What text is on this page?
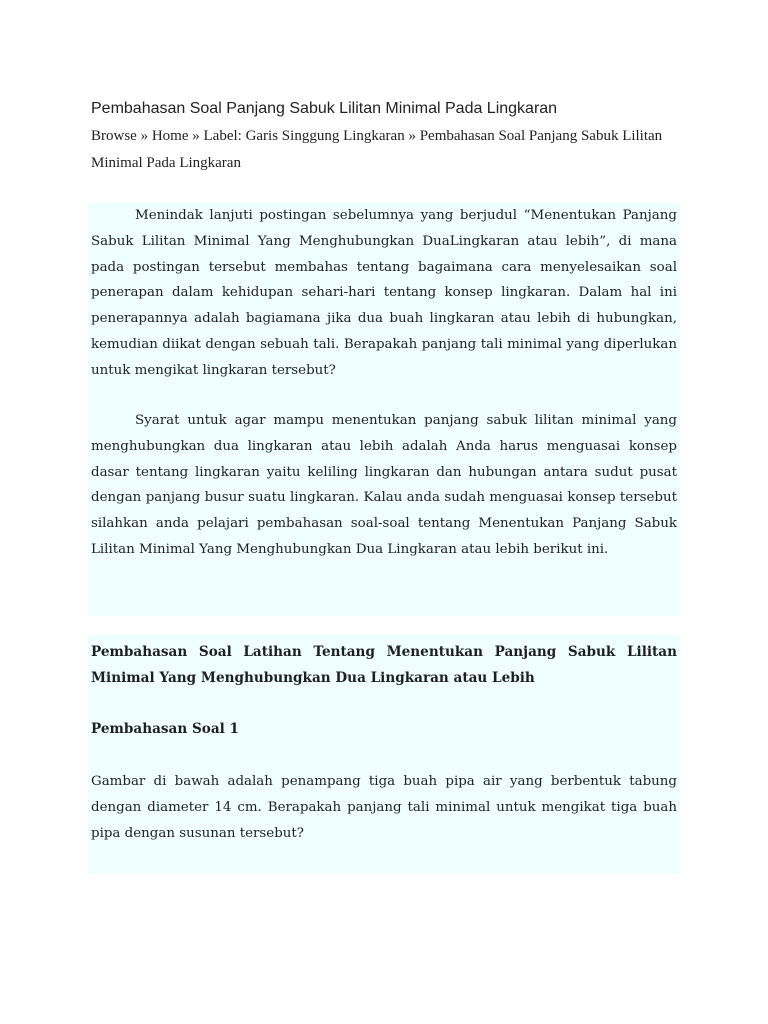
Pembahasan Soal Panjang Sabuk Lilitan Minimal Pada Lingkaran
Browse » Home » Label: Garis Singgung Lingkaran » Pembahasan Soal Panjang Sabuk Lilitan Minimal Pada Lingkaran

Menindak lanjuti postingan sebelumnya yang berjudul “Menentukan Panjang Sabuk Lilitan Minimal Yang Menghubungkan DuaLingkaran atau lebih”, di mana pada postingan tersebut membahas tentang bagaimana cara menyelesaikan soal penerapan dalam kehidupan sehari-hari tentang konsep lingkaran. Dalam hal ini penerapannya adalah bagiamana jika dua buah lingkaran atau lebih di hubungkan, kemudian diikat dengan sebuah tali. Berapakah panjang tali minimal yang diperlukan untuk mengikat lingkaran tersebut?

Syarat untuk agar mampu menentukan panjang sabuk lilitan minimal yang menghubungkan dua lingkaran atau lebih adalah Anda harus menguasai konsep dasar tentang lingkaran yaitu keliling lingkaran dan hubungan antara sudut pusat dengan panjang busur suatu lingkaran. Kalau anda sudah menguasai konsep tersebut silahkan anda pelajari pembahasan soal-soal tentang Menentukan Panjang Sabuk Lilitan Minimal Yang Menghubungkan Dua Lingkaran atau lebih berikut ini.

Pembahasan Soal Latihan Tentang Menentukan Panjang Sabuk Lilitan Minimal Yang Menghubungkan Dua Lingkaran atau Lebih

Pembahasan Soal 1

Gambar di bawah adalah penampang tiga buah pipa air yang berbentuk tabung dengan diameter 14 cm. Berapakah panjang tali minimal untuk mengikat tiga buah pipa dengan susunan tersebut?
